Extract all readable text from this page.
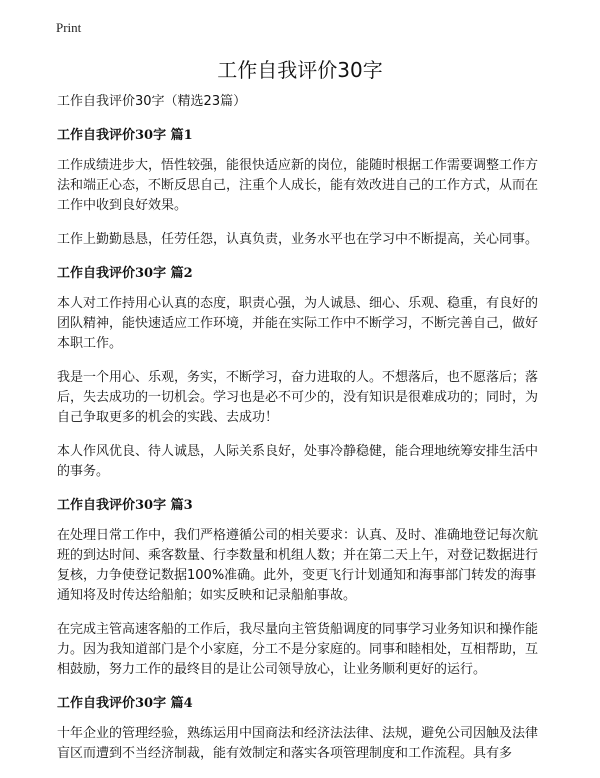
Print
工作自我评价30字

工作自我评价30字（精选23篇）

工作自我评价30字 篇1

工作成绩进步大，悟性较强，能很快适应新的岗位，能随时根据工作需要调整工作方法和端正心态，不断反思自己，注重个人成长，能有效改进自己的工作方式，从而在工作中收到良好效果。

工作上勤勤恳恳，任劳任怨，认真负责，业务水平也在学习中不断提高，关心同事。

工作自我评价30字 篇2

本人对工作持用心认真的态度，职责心强，为人诚恳、细心、乐观、稳重，有良好的团队精神，能快速适应工作环境，并能在实际工作中不断学习，不断完善自己，做好本职工作。

我是一个用心、乐观，务实，不断学习，奋力进取的人。不想落后，也不愿落后；落后，失去成功的一切机会。学习也是必不可少的，没有知识是很难成功的；同时，为自己争取更多的机会的实践、去成功！

本人作风优良、待人诚恳，人际关系良好，处事冷静稳健，能合理地统筹安排生活中的事务。

工作自我评价30字 篇3

在处理日常工作中，我们严格遵循公司的相关要求：认真、及时、准确地登记每次航班的到达时间、乘客数量、行李数量和机组人数；并在第二天上午，对登记数据进行复核，力争使登记数据100%准确。此外，变更飞行计划通知和海事部门转发的海事通知将及时传达给船舶；如实反映和记录船舶事故。

在完成主管高速客船的工作后，我尽量向主管货船调度的同事学习业务知识和操作能力。因为我知道部门是个小家庭，分工不是分家庭的。同事和睦相处，互相帮助，互相鼓励，努力工作的最终目的是让公司领导放心，让业务顺利更好的运行。

工作自我评价30字 篇4

十年企业的管理经验，熟练运用中国商法和经济法法律、法规，避免公司因触及法律盲区而遭到不当经济制裁，能有效制定和落实各项管理制度和工作流程。具有多
